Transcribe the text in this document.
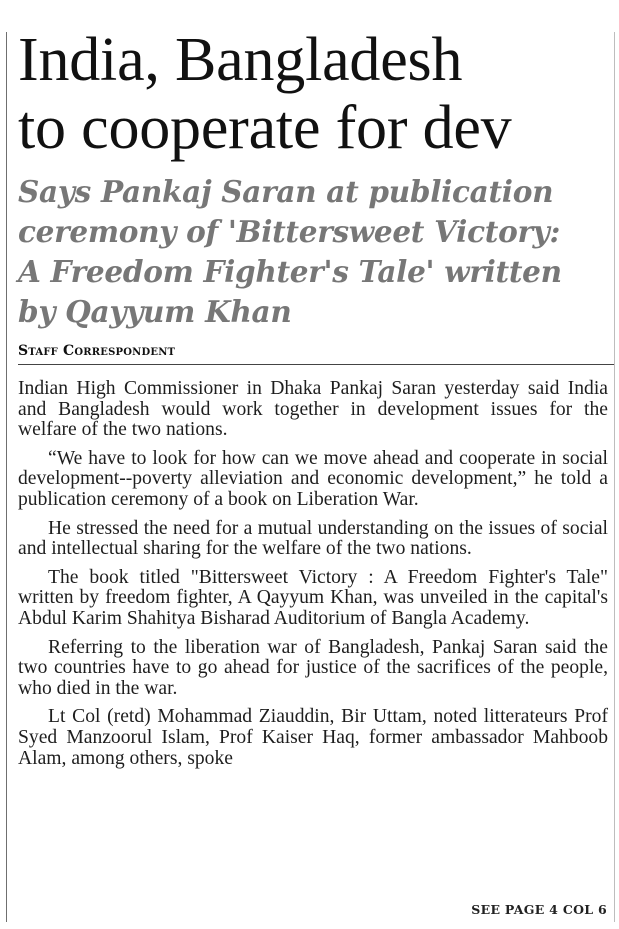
India, Bangladesh
to cooperate for dev
Says Pankaj Saran at publication
ceremony of 'Bittersweet Victory:
A Freedom Fighter's Tale' written
by Qayyum Khan

Staff Correspondent

Indian High Commissioner in Dhaka Pankaj Saran yesterday said India and Bangladesh would work together in development issues for the welfare of the two nations.

“We have to look for how can we move ahead and cooperate in social development--poverty alleviation and economic development,” he told a publication ceremony of a book on Liberation War.

He stressed the need for a mutual understanding on the issues of social and intellectual sharing for the welfare of the two nations.

The book titled "Bittersweet Victory : A Freedom Fighter's Tale" written by freedom fighter, A Qayyum Khan, was unveiled in the capital's Abdul Karim Shahitya Bisharad Auditorium of Bangla Academy.

Referring to the liberation war of Bangladesh, Pankaj Saran said the two countries have to go ahead for justice of the sacrifices of the people, who died in the war.

Lt Col (retd) Mohammad Ziauddin, Bir Uttam, noted litterateurs Prof Syed Manzoorul Islam, Prof Kaiser Haq, former ambassador Mahboob Alam, among others, spoke

SEE PAGE 4 COL 6
